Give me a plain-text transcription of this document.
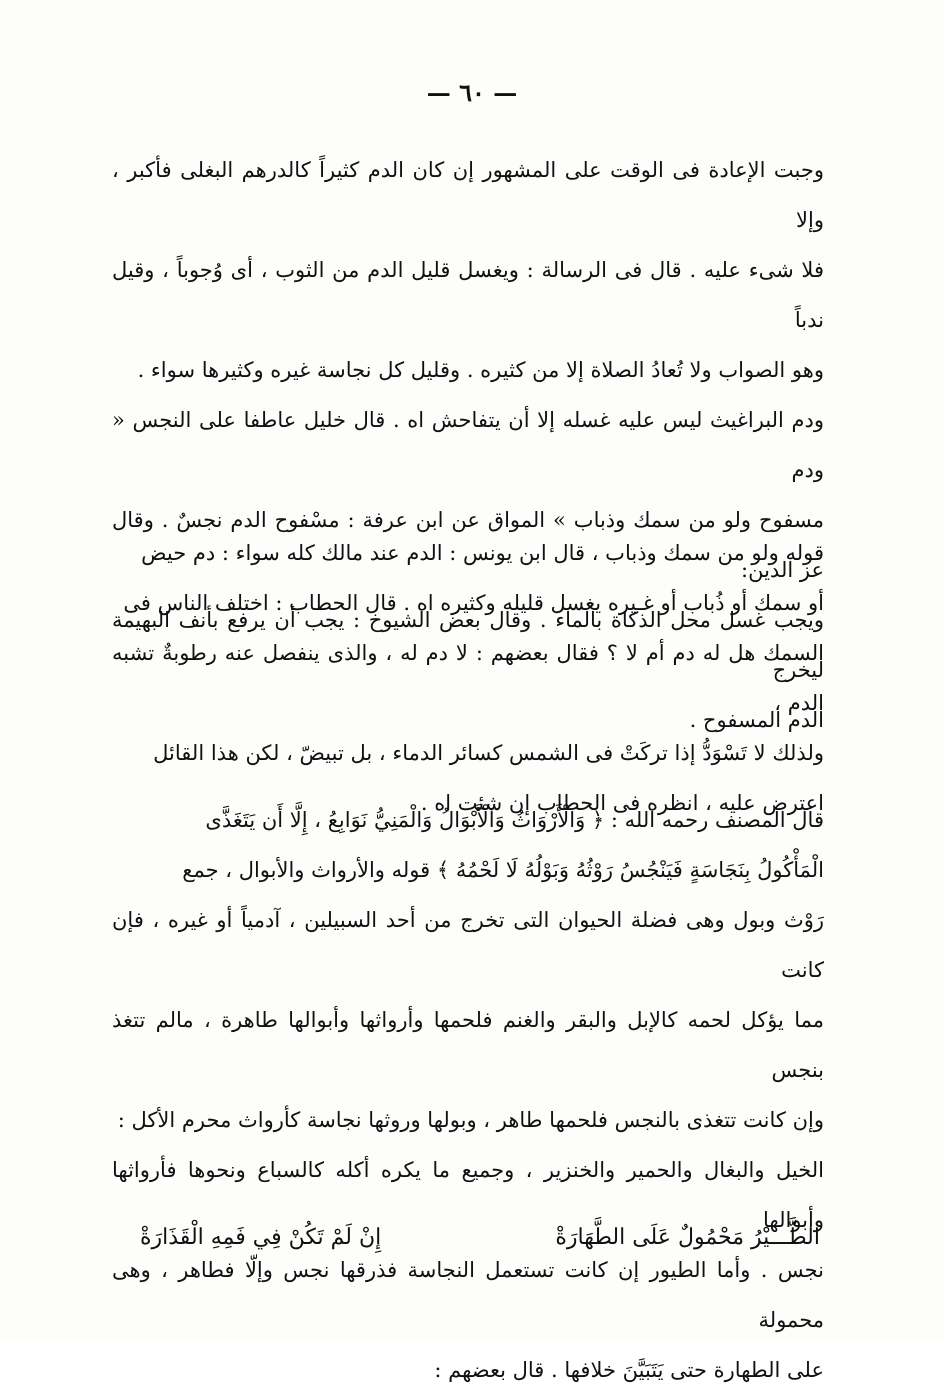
— ٦٠ —

وجبت الإعادة فى الوقت على المشهور إن كان الدم كثيراً كالدرهم البغلى فأكبر ، وإلا

فلا شىء عليه . قال فى الرسالة : ويغسل قليل الدم من الثوب ، أى وُجوباً ، وقيل ندباً

وهو الصواب ولا تُعادُ الصلاة إلا من كثيره . وقليل كل نجاسة غيره وكثيرها سواء .

ودم البراغيث ليس عليه غسله إلا أن يتفاحش اه . قال خليل عاطفا على النجس « ودم

مسفوح ولو من سمك وذباب » المواق عن ابن عرفة : مسْفوح الدم نجسٌ . وقال عز الدين:

ويجب غسل محل الذكاة بالماء . وقال بعض الشيوخ : يجب أن يرفع بأنف البهيمة ليخرج

الدم المسفوح .

قوله ولو من سمك وذباب ، قال ابن يونس : الدم عند مالك كله سواء : دم حيض

أو سمك أو ذُباب أو غـيره يغسل قليله وكثيره اه . قال الحطاب : اختلف الناس فى

السمك هل له دم أم لا ؟ فقال بعضهم : لا دم له ، والذى ينفصل عنه رطوبةٌ تشبه الدم ،

ولذلك لا تَسْوَدُّ إذا تركَتْ فى الشمس كسائر الدماء ، بل تبيضّ ، لكن هذا القائل

اعترض عليه ، انظره فى الحطاب إن شئت اه .

قال المصنف رحمه الله : ﴿ وَالْأَرْوَاثُ وَالْأَبْوَالُ وَالْمَنِيُّ نَوَابِعُ ، إِلَّا أَن يَتَغَذَّى

الْمَأْكُولُ بِنَجَاسَةٍ فَيَنْجُسُ رَوْثُهُ وَبَوْلُهُ لَا لَحْمُهُ ﴾ قوله والأرواث والأبوال ، جمع

رَوْث وبول وهى فضلة الحيوان التى تخرج من أحد السبيلين ، آدمياً أو غيره ، فإن كانت

مما يؤكل لحمه كالإبل والبقر والغنم فلحمها وأرواثها وأبوالها طاهرة ، مالم تتغذ بنجس

وإن كانت تتغذى بالنجس فلحمها طاهر ، وبولها وروثها نجاسة كأرواث محرم الأكل :

الخيل والبغال والحمير والخنزير ، وجميع ما يكره أكله كالسباع ونحوها فأرواثها وأبوالها

نجس . وأما الطيور إن كانت تستعمل النجاسة فذرقها نجس وإلّا فطاهر ، وهى محمولة

على الطهارة حتى يَتَبَيَّنَ خلافها . قال بعضهم :

الطَّـــيْرُ مَحْمُولٌ عَلَى الطَّهَارَةْ
إِنْ لَمْ تَكُنْ فِي فَمِهِ الْقَذَارَةْ
